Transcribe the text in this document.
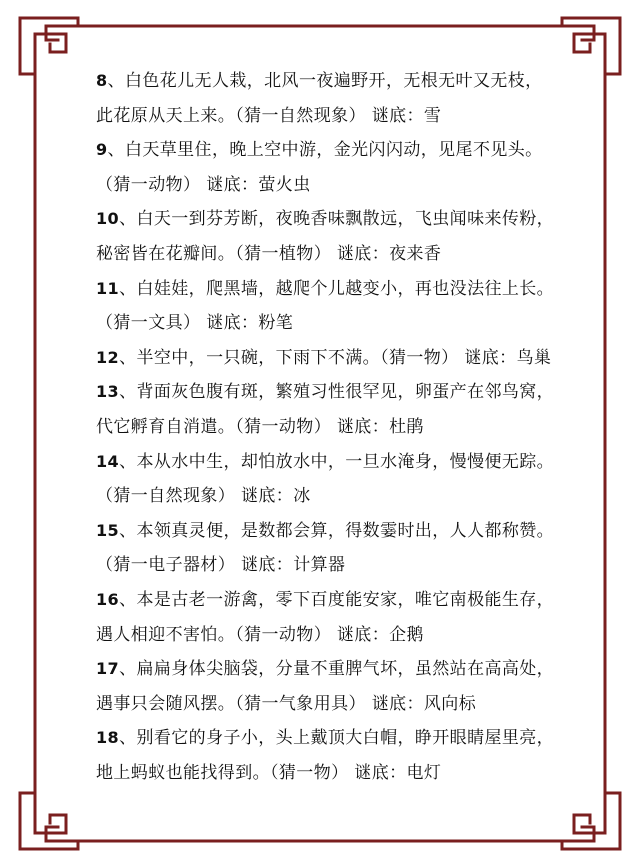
8、白色花儿无人栽，北风一夜遍野开，无根无叶又无枝，
此花原从天上来。（猜一自然现象） 谜底：雪
9、白天草里住，晚上空中游，金光闪闪动，见尾不见头。
（猜一动物） 谜底：萤火虫
10、白天一到芬芳断，夜晚香味飘散远，飞虫闻味来传粉，
秘密皆在花瓣间。（猜一植物） 谜底：夜来香
11、白娃娃，爬黑墙，越爬个儿越变小，再也没法往上长。
（猜一文具） 谜底：粉笔
12、半空中，一只碗，下雨下不满。（猜一物） 谜底：鸟巢
13、背面灰色腹有斑，繁殖习性很罕见，卵蛋产在邻鸟窝，
代它孵育自消遣。（猜一动物） 谜底：杜鹃
14、本从水中生，却怕放水中，一旦水淹身，慢慢便无踪。
（猜一自然现象） 谜底：冰
15、本领真灵便，是数都会算，得数霎时出，人人都称赞。
（猜一电子器材） 谜底：计算器
16、本是古老一游禽，零下百度能安家，唯它南极能生存，
遇人相迎不害怕。（猜一动物） 谜底：企鹅
17、扁扁身体尖脑袋，分量不重脾气坏，虽然站在高高处，
遇事只会随风摆。（猜一气象用具） 谜底：风向标
18、别看它的身子小，头上戴顶大白帽，睁开眼睛屋里亮，
地上蚂蚁也能找得到。（猜一物） 谜底：电灯
